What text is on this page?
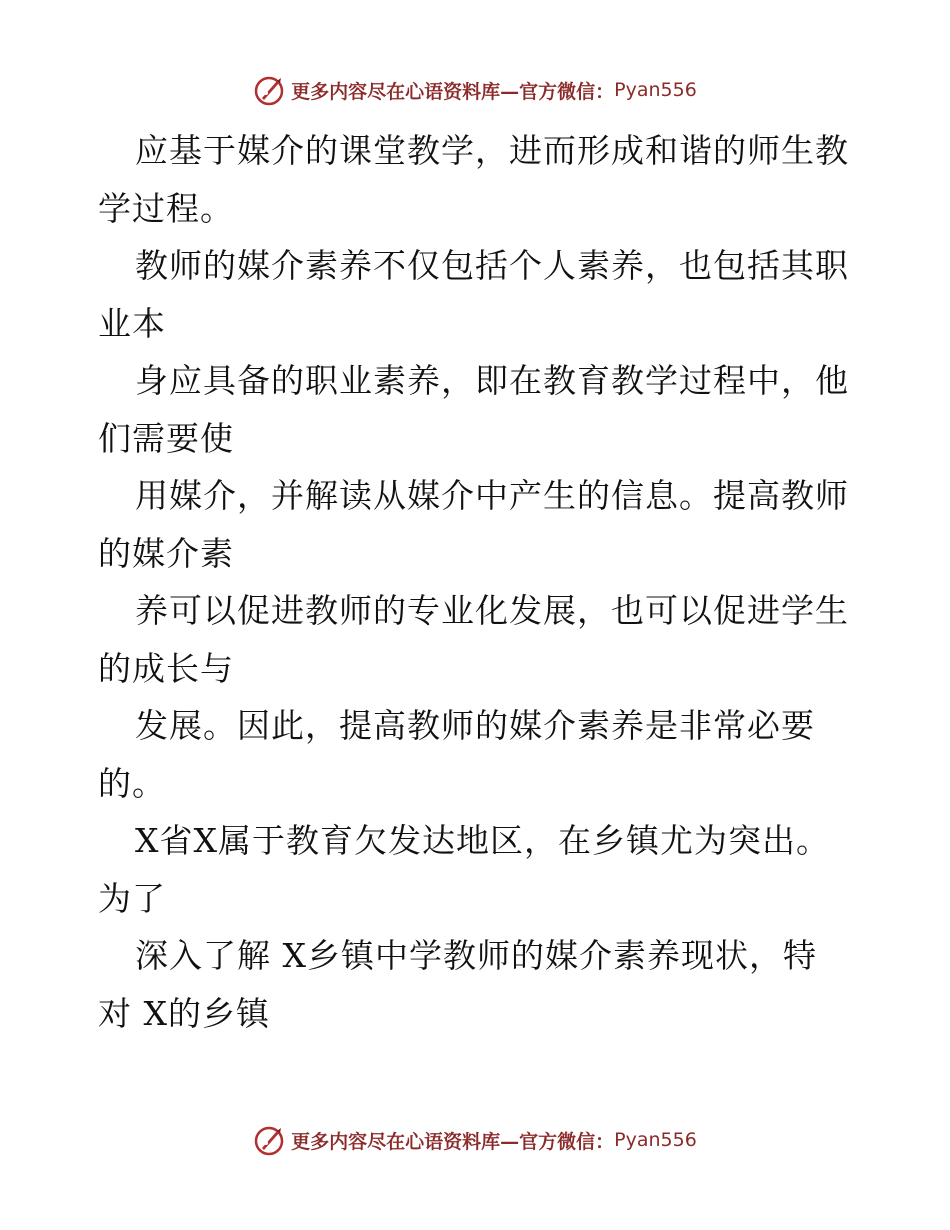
更多内容尽在心语资料库—官方微信： Pyan556
应基于媒介的课堂教学，进而形成和谐的师生教
学过程。
教师的媒介素养不仅包括个人素养，也包括其职
业本
身应具备的职业素养，即在教育教学过程中，他
们需要使
用媒介，并解读从媒介中产生的信息。提高教师
的媒介素
养可以促进教师的专业化发展，也可以促进学生
的成长与
发展。因此，提高教师的媒介素养是非常必要
的。
X省X属于教育欠发达地区，在乡镇尤为突出。
为了
深入了解 X乡镇中学教师的媒介素养现状，特
对 X的乡镇
更多内容尽在心语资料库—官方微信： Pyan556
